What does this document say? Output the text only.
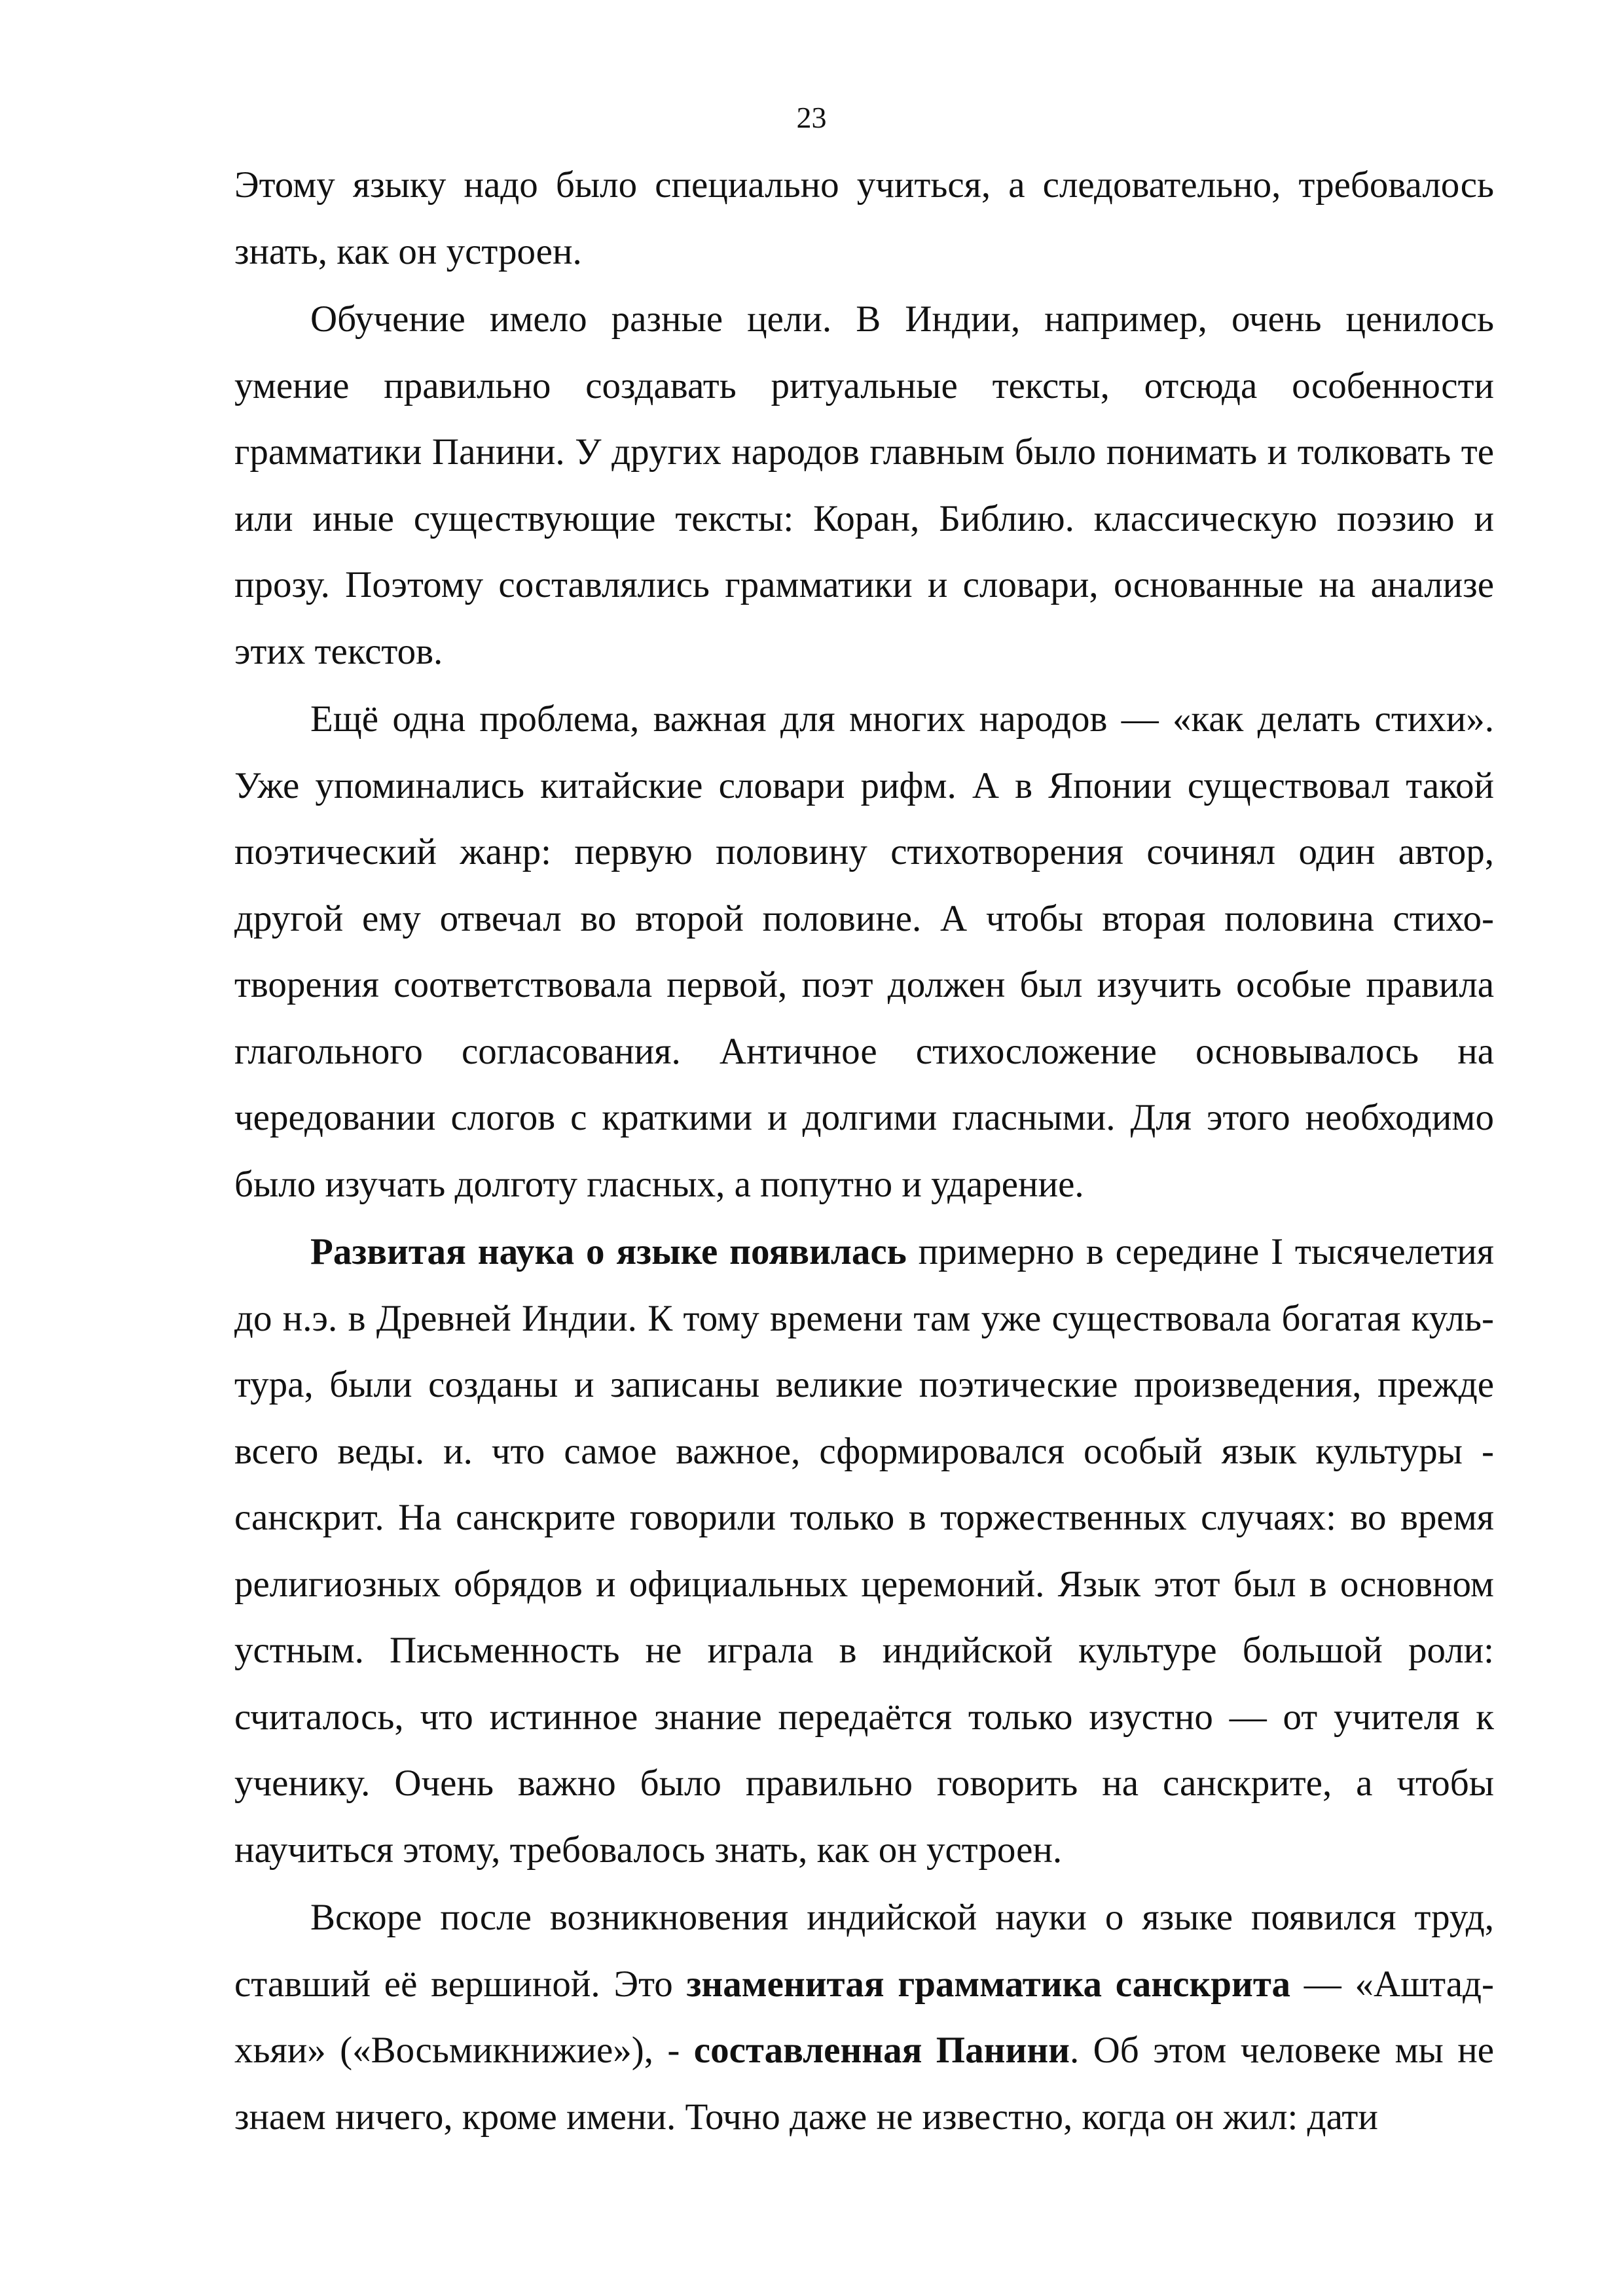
23

Этому языку надо было специально учиться, а следовательно, требовалось знать, как он устроен.

Обучение имело разные цели. В Индии, например, очень ценилось умение правильно создавать ритуальные тексты, отсюда особенности грамматики Панини. У других народов главным было понимать и толковать те или иные существующие тексты: Коран, Библию. классическую поэзию и прозу. Поэтому составлялись грамматики и словари, основанные на анализе этих текстов.

Ещё одна проблема, важная для многих народов — «как делать стихи». Уже упоминались китайские словари рифм. А в Японии существовал такой поэтический жанр: первую половину стихотворения сочинял один автор, другой ему отвечал во второй половине. А чтобы вторая половина стихотворения соответствовала первой, поэт должен был изучить особые правила глагольного согласования. Античное стихосложение основывалось на чередовании слогов с краткими и долгими гласными. Для этого необходимо было изучать долготу гласных, а попутно и ударение.

Развитая наука о языке появилась примерно в середине I тысячелетия до н.э. в Древней Индии. К тому времени там уже существовала богатая культура, были созданы и записаны великие поэтические произведения, прежде всего веды. и. что самое важное, сформировался особый язык культуры - санскрит. На санскрите говорили только в торжественных случаях: во время религиозных обрядов и официальных церемоний. Язык этот был в основном устным. Письменность не играла в индийской культуре большой роли: считалось, что истинное знание передаётся только изустно — от учителя к ученику. Очень важно было правильно говорить на санскрите, а чтобы научиться этому, требовалось знать, как он устроен.

Вскоре после возникновения индийской науки о языке появился труд, ставший её вершиной. Это знаменитая грамматика санскрита — «Аштадхьяи» («Восьмикнижие»), - составленная Панини. Об этом человеке мы не знаем ничего, кроме имени. Точно даже не известно, когда он жил: дати
